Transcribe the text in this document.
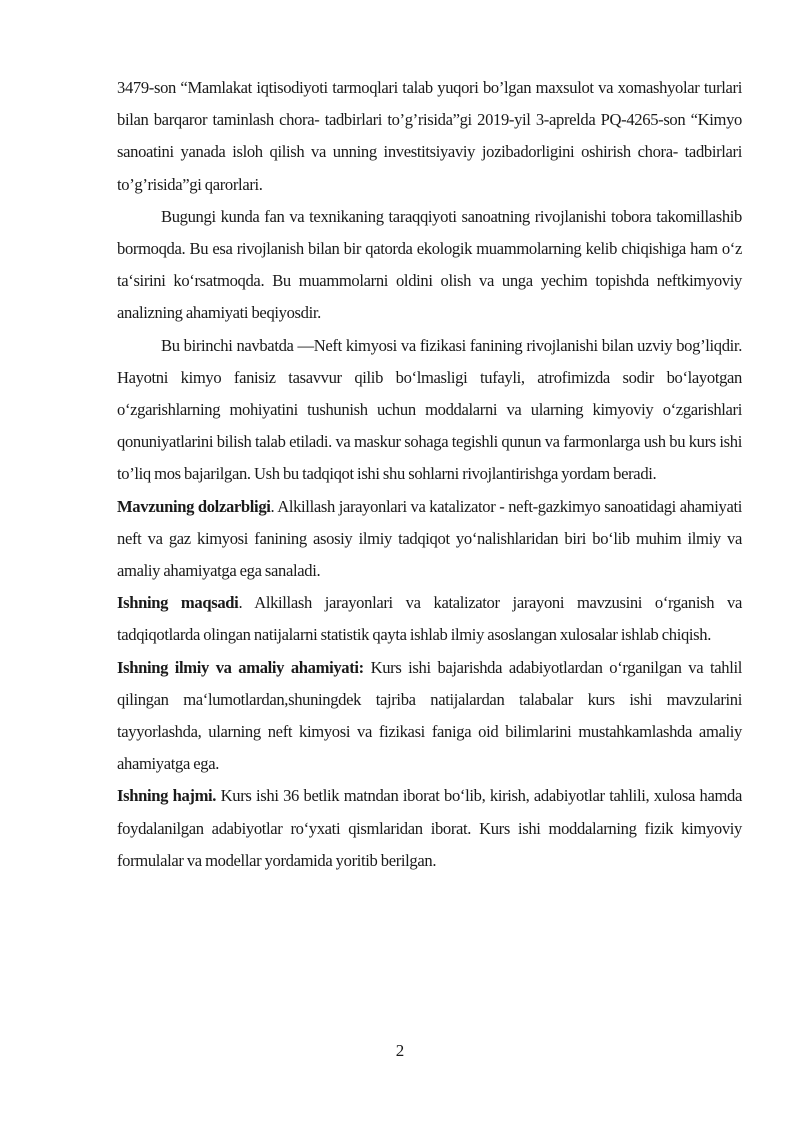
3479-son “Mamlakat iqtisodiyoti tarmoqlari talab yuqori bo’lgan maxsulot va xomashyolar turlari bilan barqaror taminlash chora- tadbirlari to’g’risida”gi 2019-yil 3-aprelda PQ-4265-son “Kimyo sanoatini yanada isloh qilish va unning investitsiyaviy jozibadorligini oshirish chora- tadbirlari to’g’risida”gi qarorlari.

Bugungi kunda fan va texnikaning taraqqiyoti sanoatning rivojlanishi tobora takomillashib bormoqda. Bu esa rivojlanish bilan bir qatorda ekologik muammolarning kelib chiqishiga ham o‘z ta‘sirini ko‘rsatmoqda. Bu muammolarni oldini olish va unga yechim topishda neftkimyoviy analizning ahamiyati beqiyosdir.

Bu birinchi navbatda ―Neft kimyosi va fizikasi fanining rivojlanishi bilan uzviy bog’liqdir. Hayotni kimyo fanisiz tasavvur qilib bo‘lmasligi tufayli, atrofimizda sodir bo‘layotgan o‘zgarishlarning mohiyatini tushunish uchun moddalarni va ularning kimyoviy o‘zgarishlari qonuniyatlarini bilish talab etiladi. va maskur sohaga tegishli qunun va farmonlarga ush bu kurs ishi to’liq mos bajarilgan. Ush bu tadqiqot ishi shu sohlarni rivojlantirishga yordam beradi.

Mavzuning dolzarbligi. Alkillash jarayonlari va katalizator - neft-gazkimyo sanoatidagi ahamiyati neft va gaz kimyosi fanining asosiy ilmiy tadqiqot yo‘nalishlaridan biri bo‘lib muhim ilmiy va amaliy ahamiyatga ega sanaladi.

Ishning maqsadi. Alkillash jarayonlari va katalizator jarayoni mavzusini o‘rganish va tadqiqotlarda olingan natijalarni statistik qayta ishlab ilmiy asoslangan xulosalar ishlab chiqish.

Ishning ilmiy va amaliy ahamiyati: Kurs ishi bajarishda adabiyotlardan o‘rganilgan va tahlil qilingan ma‘lumotlardan,shuningdek tajriba natijalardan talabalar kurs ishi mavzularini tayyorlashda, ularning neft kimyosi va fizikasi faniga oid bilimlarini mustahkamlashda amaliy ahamiyatga ega.

Ishning hajmi. Kurs ishi 36 betlik matndan iborat bo‘lib, kirish, adabiyotlar tahlili, xulosa hamda foydalanilgan adabiyotlar ro‘yxati qismlaridan iborat. Kurs ishi moddalarning fizik kimyoviy formulalar va modellar yordamida yoritib berilgan.

2
